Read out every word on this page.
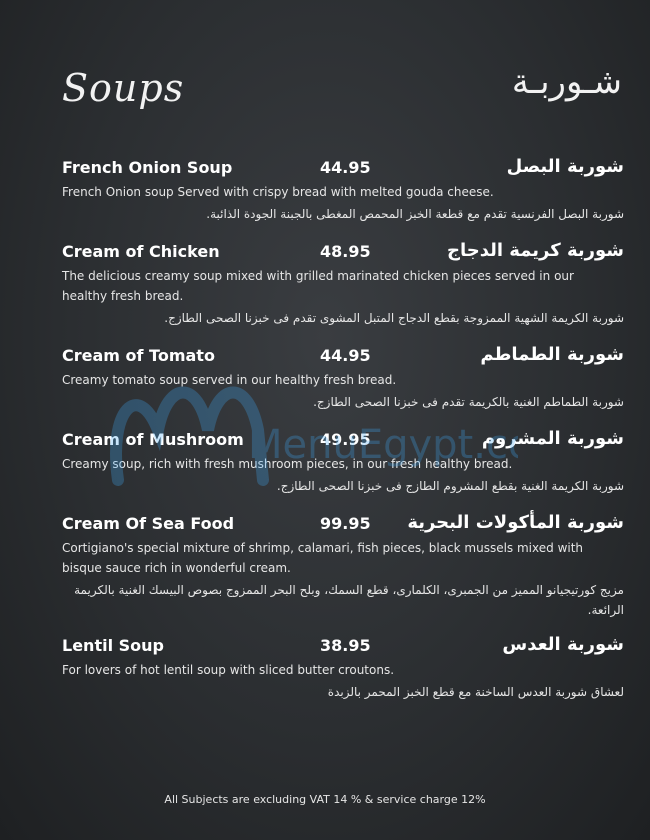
Soups	شـوربـة
French Onion Soup	44.95	شوربة البصل
French Onion soup Served with crispy bread with melted gouda cheese.
شوربة البصل الفرنسية تقدم مع قطعة الخبز المحمص المغطى بالجبنة الجودة الذائبة.
Cream of Chicken	48.95	شوربة كريمة الدجاج
The delicious creamy soup mixed with grilled marinated chicken pieces served in our healthy fresh bread.
شوربة الكريمة الشهية الممزوجة بقطع الدجاج المتبل المشوى تقدم فى خبزنا الصحى الطازج.
Cream of Tomato	44.95	شوربة الطماطم
Creamy tomato soup served in our healthy fresh bread.
شوربة الطماطم الغنية بالكريمة تقدم فى خبزنا الصحى الطازج.
Cream of Mushroom	49.95	شوربة المشروم
Creamy soup, rich with fresh mushroom pieces, in our fresh healthy bread.
شوربة الكريمة الغنية بقطع المشروم الطازج فى خبزنا الصحى الطازج.
Cream Of Sea Food	99.95 شوربة المأكولات البحرية
Cortigiano's special mixture of shrimp, calamari, fish pieces, black mussels mixed with bisque sauce rich in wonderful cream.
مزيج كورتيجيانو المميز من الجمبرى، الكلمارى، قطع السمك، وبلح البحر الممزوج بصوص البيسك الغنية بالكريمة الرائعة.
Lentil Soup	38.95	شوربة العدس
For lovers of hot lentil soup with sliced butter croutons.
لعشاق شوربة العدس الساخنة مع قطع الخبز المحمر بالزبدة
MenuEgypt.c
All Subjects are excluding VAT 14 % & service charge 12%
